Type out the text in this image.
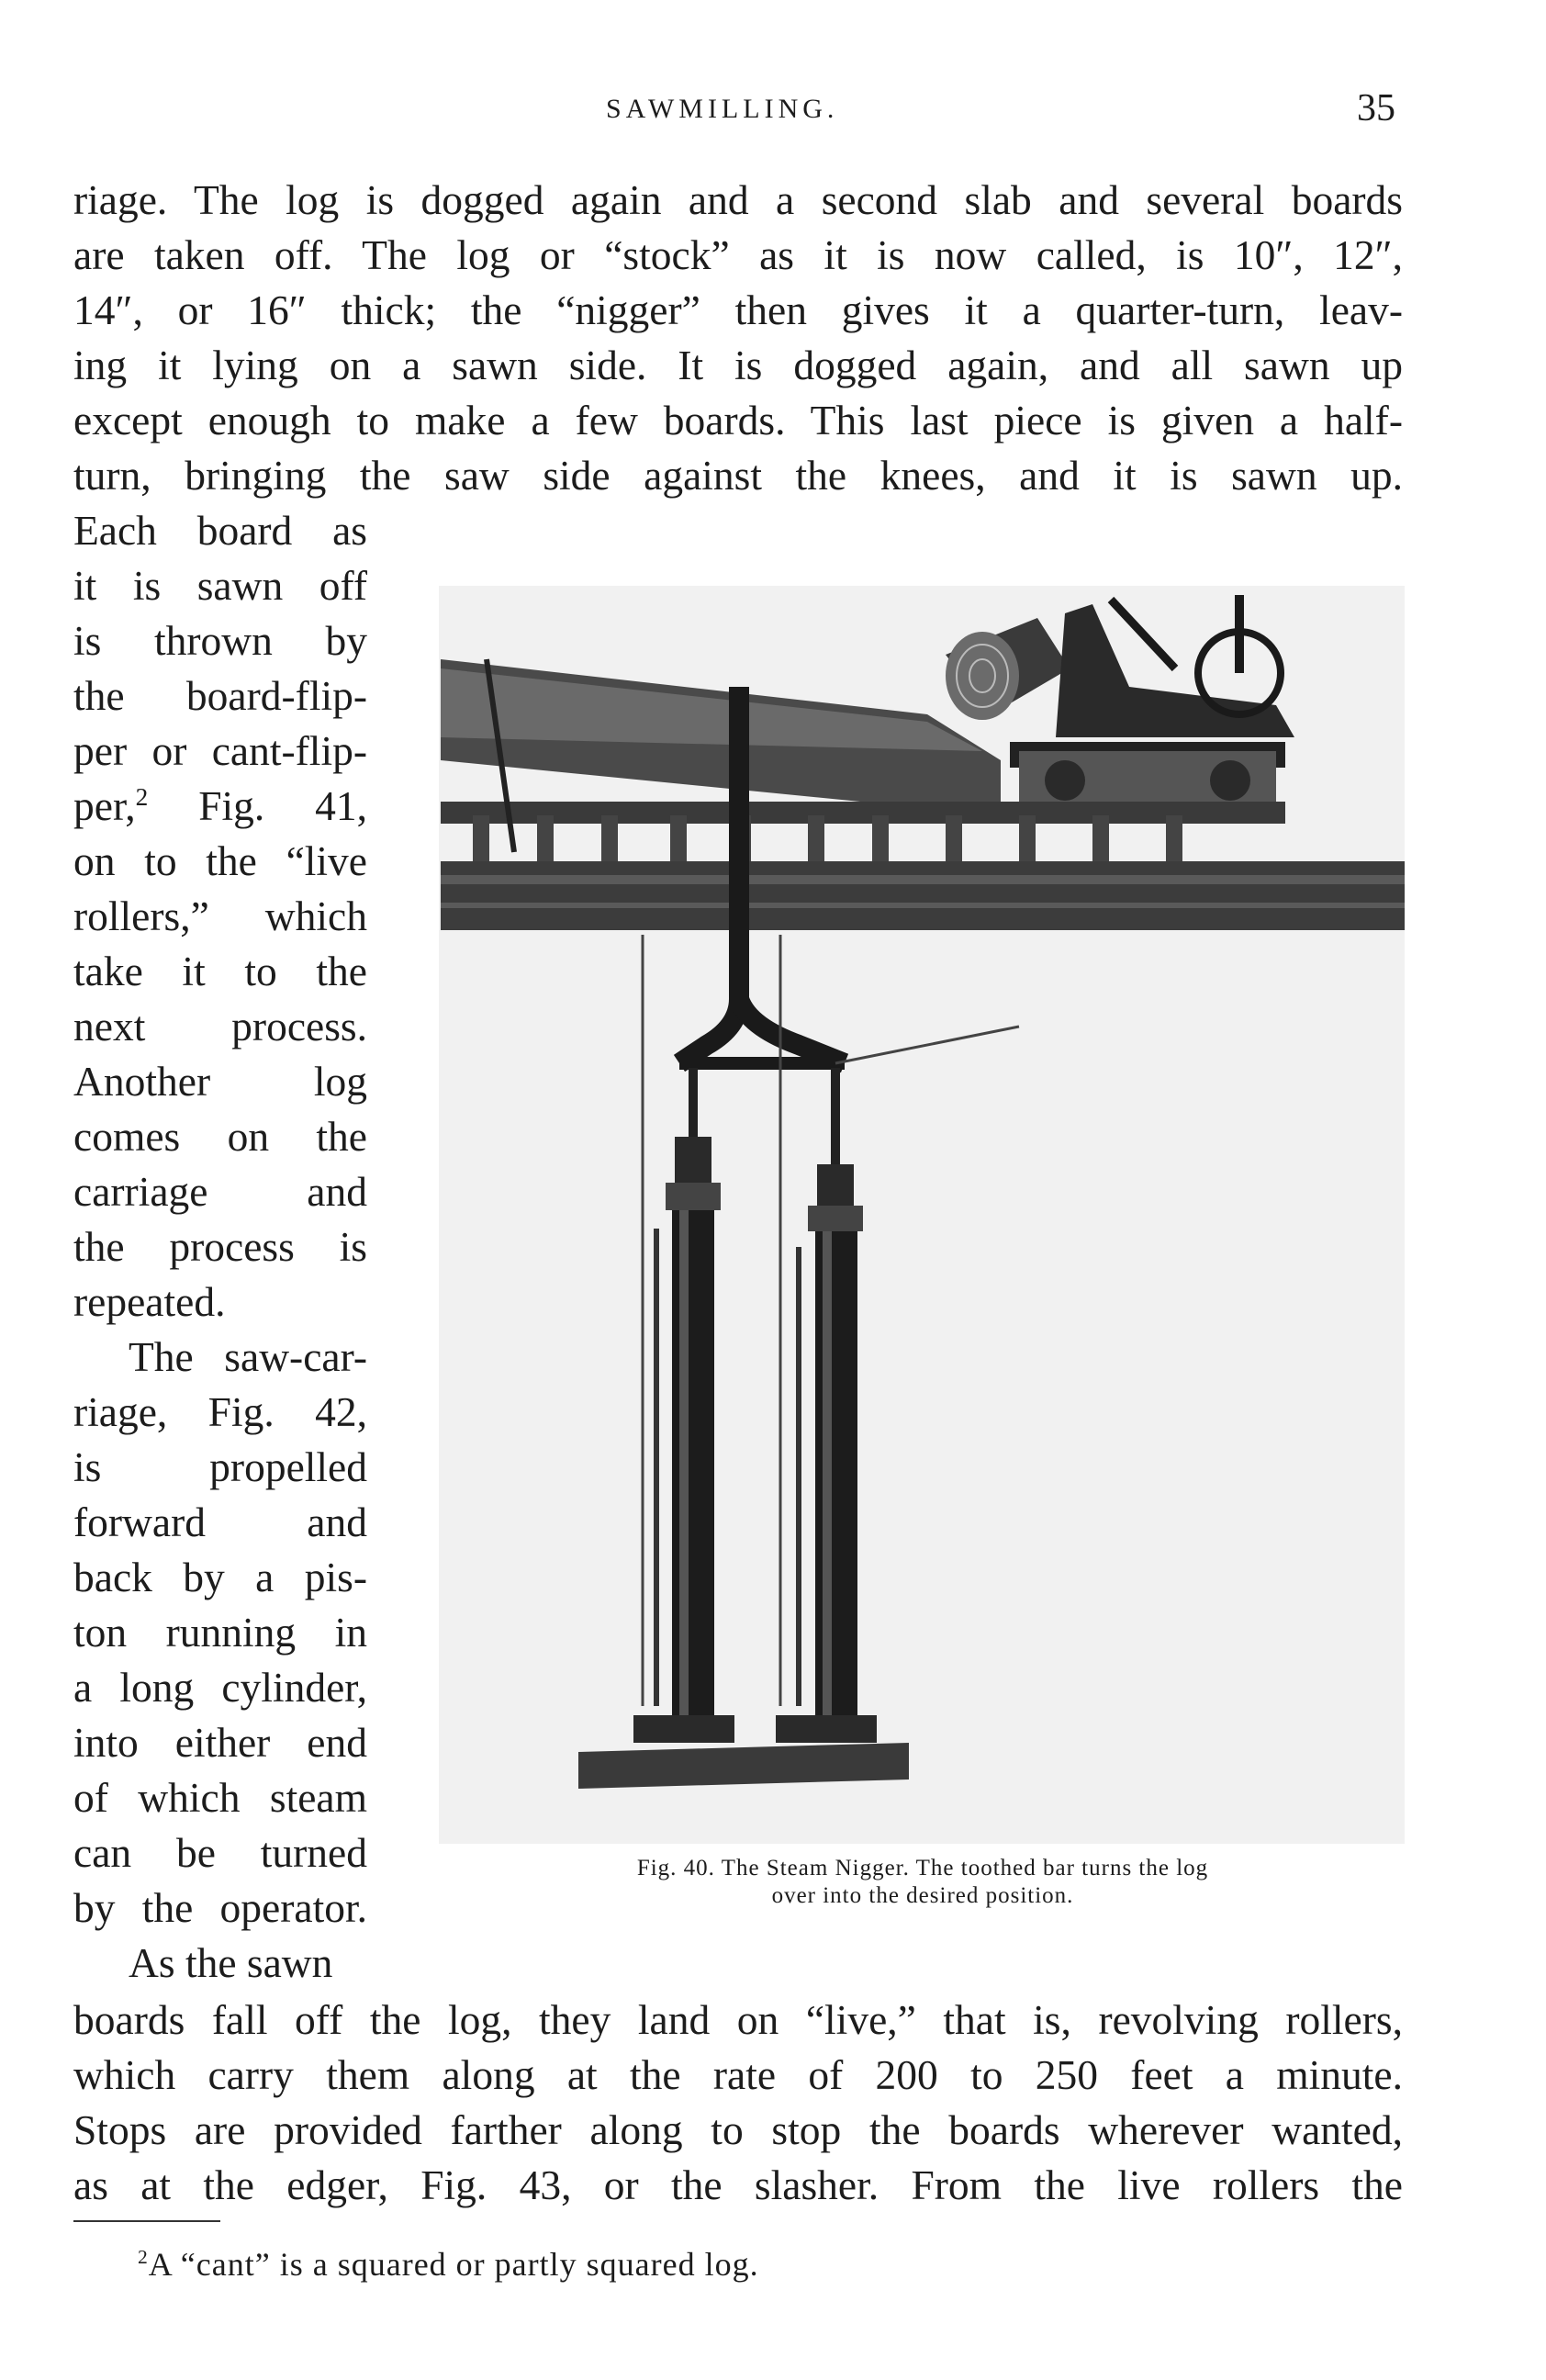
SAWMILLING.	35
riage. The log is dogged again and a second slab and several boards
are taken off. The log or “stock” as it is now called, is 10″, 12″,
14″, or 16″ thick; the “nigger” then gives it a quarter-turn, leav-
ing it lying on a sawn side. It is dogged again, and all sawn up
except enough to make a few boards. This last piece is given a half-
turn, bringing the saw side against the knees, and it is sawn up.
Each board as
it is sawn off
is thrown by
the board-flip-
per or cant-flip-
per,$^2$ Fig. 41,
on to the “live
rollers,” which
take it to the
next process.
Another log
comes on the
carriage and
the process is
repeated.
The saw-car-
riage, Fig. 42,
is propelled
forward and
back by a pis-
ton running in
a long cylinder,
into either end
of which steam
can be turned
by the operator.
As the sawn
Fig. 40. The Steam Nigger. The toothed bar turns the log
over into the desired position.
boards fall off the log, they land on “live,” that is, revolving rollers,
which carry them along at the rate of 200 to 250 feet a minute.
Stops are provided farther along to stop the boards wherever wanted,
as at the edger, Fig. 43, or the slasher. From the live rollers the
$^2$A “cant” is a squared or partly squared log.
